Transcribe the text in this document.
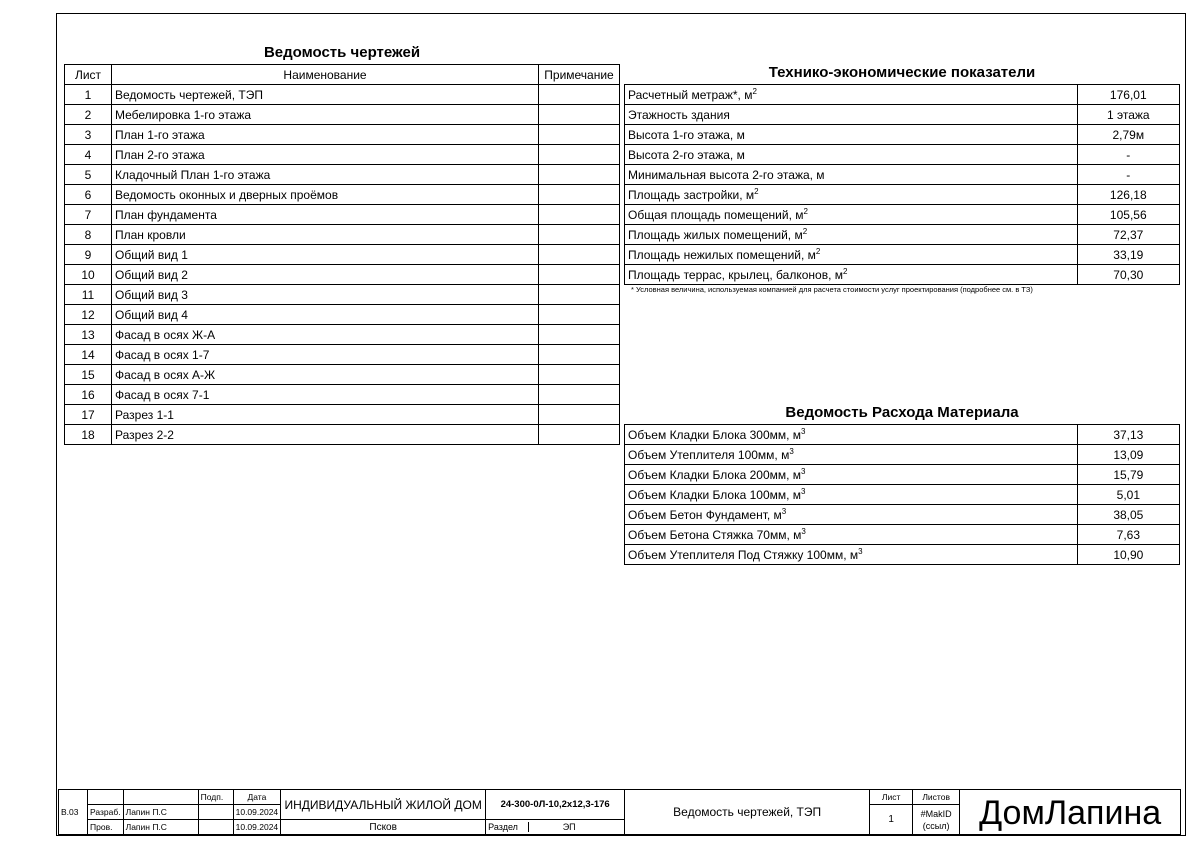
Ведомость чертежей
Лист	Наименование	Примечание
1	Ведомость чертежей, ТЭП	
2	Мебелировка 1-го этажа	
3	План 1-го этажа	
4	План 2-го этажа	
5	Кладочный План 1-го этажа	
6	Ведомость оконных и дверных проёмов	
7	План фундамента	
8	План кровли	
9	Общий вид 1	
10	Общий вид 2	
11	Общий вид 3	
12	Общий вид 4	
13	Фасад в осях Ж-А	
14	Фасад в осях 1-7	
15	Фасад в осях А-Ж	
16	Фасад в осях 7-1	
17	Разрез 1-1	
18	Разрез 2-2	
Технико-экономические показатели
Расчетный метраж*, $м^2$	176,01
Этажность здания	1 этажа
Высота 1-го этажа, м	2,79м
Высота 2-го этажа, м	-
Минимальная высота 2-го этажа, м	-
Площадь застройки, $м^2$	126,18
Общая площадь помещений, $м^2$	105,56
Площадь жилых помещений, $м^2$	72,37
Площадь нежилых помещений, $м^2$	33,19
Площадь террас, крылец, балконов, $м^2$	70,30
* Условная величина, используемая компанией для расчета стоимости услуг проектирования (подробнее см. в ТЗ)
Ведомость Расхода Материала
Объем Кладки Блока 300мм, $м^3$	37,13
Объем Утеплителя 100мм, $м^3$	13,09
Объем Кладки Блока 200мм, $м^3$	15,79
Объем Кладки Блока 100мм, $м^3$	5,01
Объем Бетон Фундамент, $м^3$	38,05
Объем Бетона Стяжка 70мм, $м^3$	7,63
Объем Утеплителя Под Стяжку 100мм, $м^3$	10,90
В.03			Подп.	Дата	ИНДИВИДУАЛЬНЫЙ ЖИЛОЙ ДОМ	24-300-0Л-10,2х12,3-176	Ведомость чертежей, ТЭП	Лист	Листов	ДомЛапина
	Разраб.	Лапин П.С		10.09.2024				1	#MakID
(ссыл)	

	Пров.	Лапин П.С		10.09.2024	Псков	Раздел ЭП				
